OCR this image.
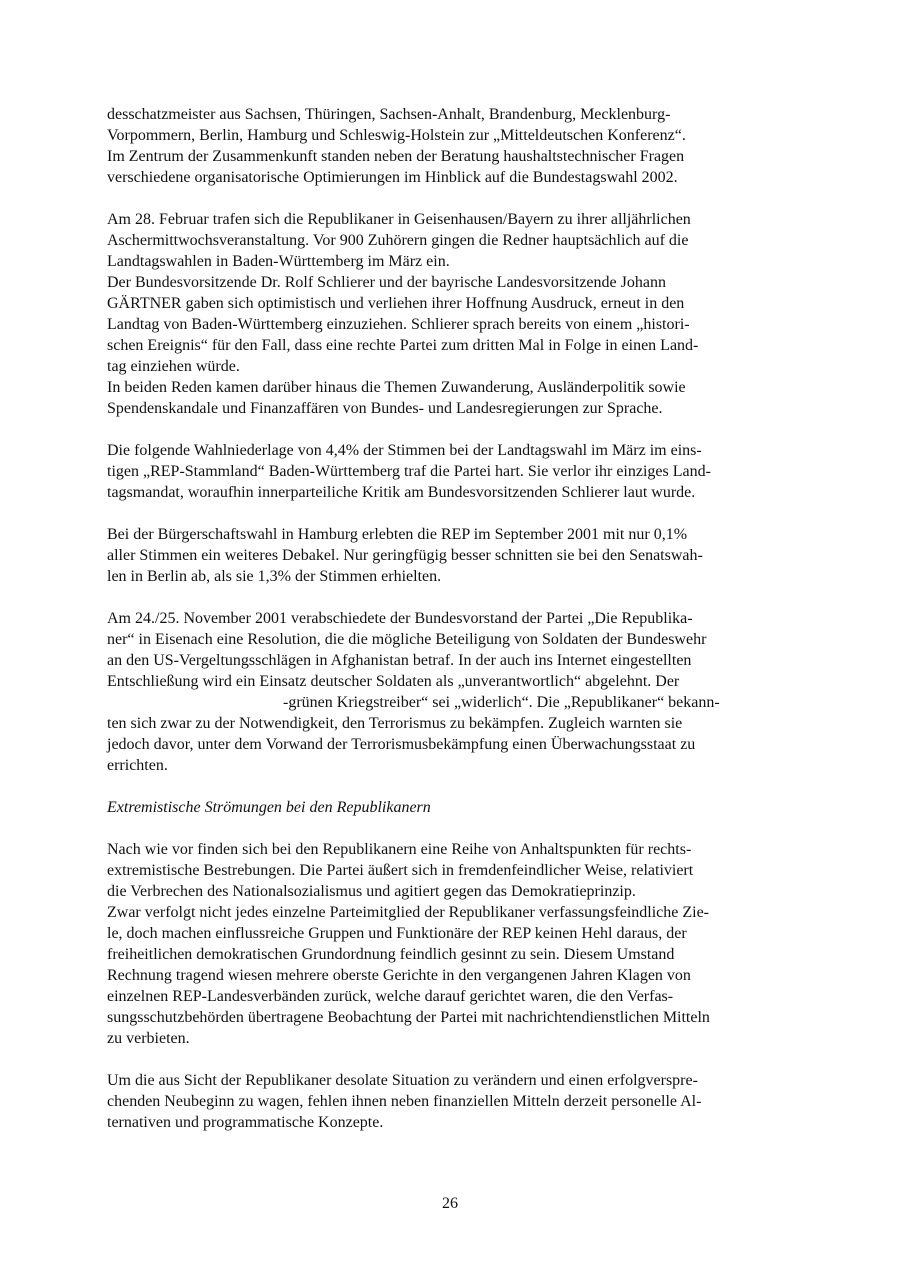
desschatzmeister aus Sachsen, Thüringen, Sachsen-Anhalt, Brandenburg, Mecklenburg-
Vorpommern, Berlin, Hamburg und Schleswig-Holstein zur „Mitteldeutschen Konferenz“.
Im Zentrum der Zusammenkunft standen neben der Beratung haushaltstechnischer Fragen
verschiedene organisatorische Optimierungen im Hinblick auf die Bundestagswahl 2002.
Am 28. Februar trafen sich die Republikaner in Geisenhausen/Bayern zu ihrer alljährlichen
Aschermittwochsveranstaltung. Vor 900 Zuhörern gingen die Redner hauptsächlich auf die
Landtagswahlen in Baden-Württemberg im März ein.
Der Bundesvorsitzende Dr. Rolf Schlierer und der bayrische Landesvorsitzende Johann
GÄRTNER gaben sich optimistisch und verliehen ihrer Hoffnung Ausdruck, erneut in den
Landtag von Baden-Württemberg einzuziehen. Schlierer sprach bereits von einem „histori-
schen Ereignis“ für den Fall, dass eine rechte Partei zum dritten Mal in Folge in einen Land-
tag einziehen würde.
In beiden Reden kamen darüber hinaus die Themen Zuwanderung, Ausländerpolitik sowie
Spendenskandale und Finanzaffären von Bundes- und Landesregierungen zur Sprache.
Die folgende Wahlniederlage von 4,4% der Stimmen bei der Landtagswahl im März im eins-
tigen „REP-Stammland“ Baden-Württemberg traf die Partei hart. Sie verlor ihr einziges Land-
tagsmandat, woraufhin innerparteiliche Kritik am Bundesvorsitzenden Schlierer laut wurde.
Bei der Bürgerschaftswahl in Hamburg erlebten die REP im September 2001 mit nur 0,1%
aller Stimmen ein weiteres Debakel. Nur geringfügig besser schnitten sie bei den Senatswah-
len in Berlin ab, als sie 1,3% der Stimmen erhielten.
Am 24./25. November 2001 verabschiedete der Bundesvorstand der Partei „Die Republika-
ner“ in Eisenach eine Resolution, die die mögliche Beteiligung von Soldaten der Bundeswehr
an den US-Vergeltungsschlägen in Afghanistan betraf. In der auch ins Internet eingestellten
Entschließung wird ein Einsatz deutscher Soldaten als „unverantwortlich“ abgelehnt. Der
-grünen Kriegstreiber“ sei „widerlich“. Die „Republikaner“ bekann-
ten sich zwar zu der Notwendigkeit, den Terrorismus zu bekämpfen. Zugleich warnten sie
jedoch davor, unter dem Vorwand der Terrorismusbekämpfung einen Überwachungsstaat zu
errichten.
Extremistische Strömungen bei den Republikanern
Nach wie vor finden sich bei den Republikanern eine Reihe von Anhaltspunkten für rechts-
extremistische Bestrebungen. Die Partei äußert sich in fremdenfeindlicher Weise, relativiert
die Verbrechen des Nationalsozialismus und agitiert gegen das Demokratieprinzip.
Zwar verfolgt nicht jedes einzelne Parteimitglied der Republikaner verfassungsfeindliche Zie-
le, doch machen einflussreiche Gruppen und Funktionäre der REP keinen Hehl daraus, der
freiheitlichen demokratischen Grundordnung feindlich gesinnt zu sein. Diesem Umstand
Rechnung tragend wiesen mehrere oberste Gerichte in den vergangenen Jahren Klagen von
einzelnen REP-Landesverbänden zurück, welche darauf gerichtet waren, die den Verfas-
sungsschutzbehörden übertragene Beobachtung der Partei mit nachrichtendienstlichen Mitteln
zu verbieten.
Um die aus Sicht der Republikaner desolate Situation zu verändern und einen erfolgverspre-
chenden Neubeginn zu wagen, fehlen ihnen neben finanziellen Mitteln derzeit personelle Al-
ternativen und programmatische Konzepte.
26
